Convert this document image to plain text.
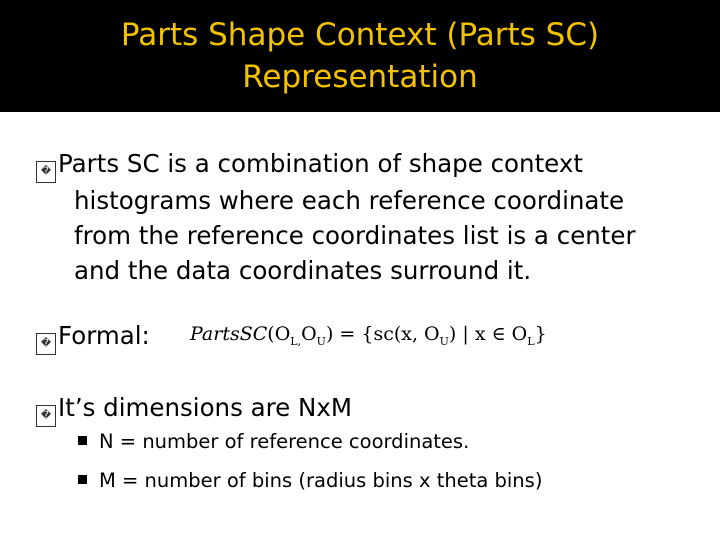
Parts Shape Context (Parts SC)
Representation
� Parts SC is a combination of shape context
histograms where each reference coordinate
from the reference coordinates list is a center
and the data coordinates surround it.
� Formal: $PartsSC(O_{L,}O_U) = \{sc(x$, $O_U$) | x ∈ $O_L$}
� It’s dimensions are NxM
N = number of reference coordinates.
M = number of bins (radius bins x theta bins)
